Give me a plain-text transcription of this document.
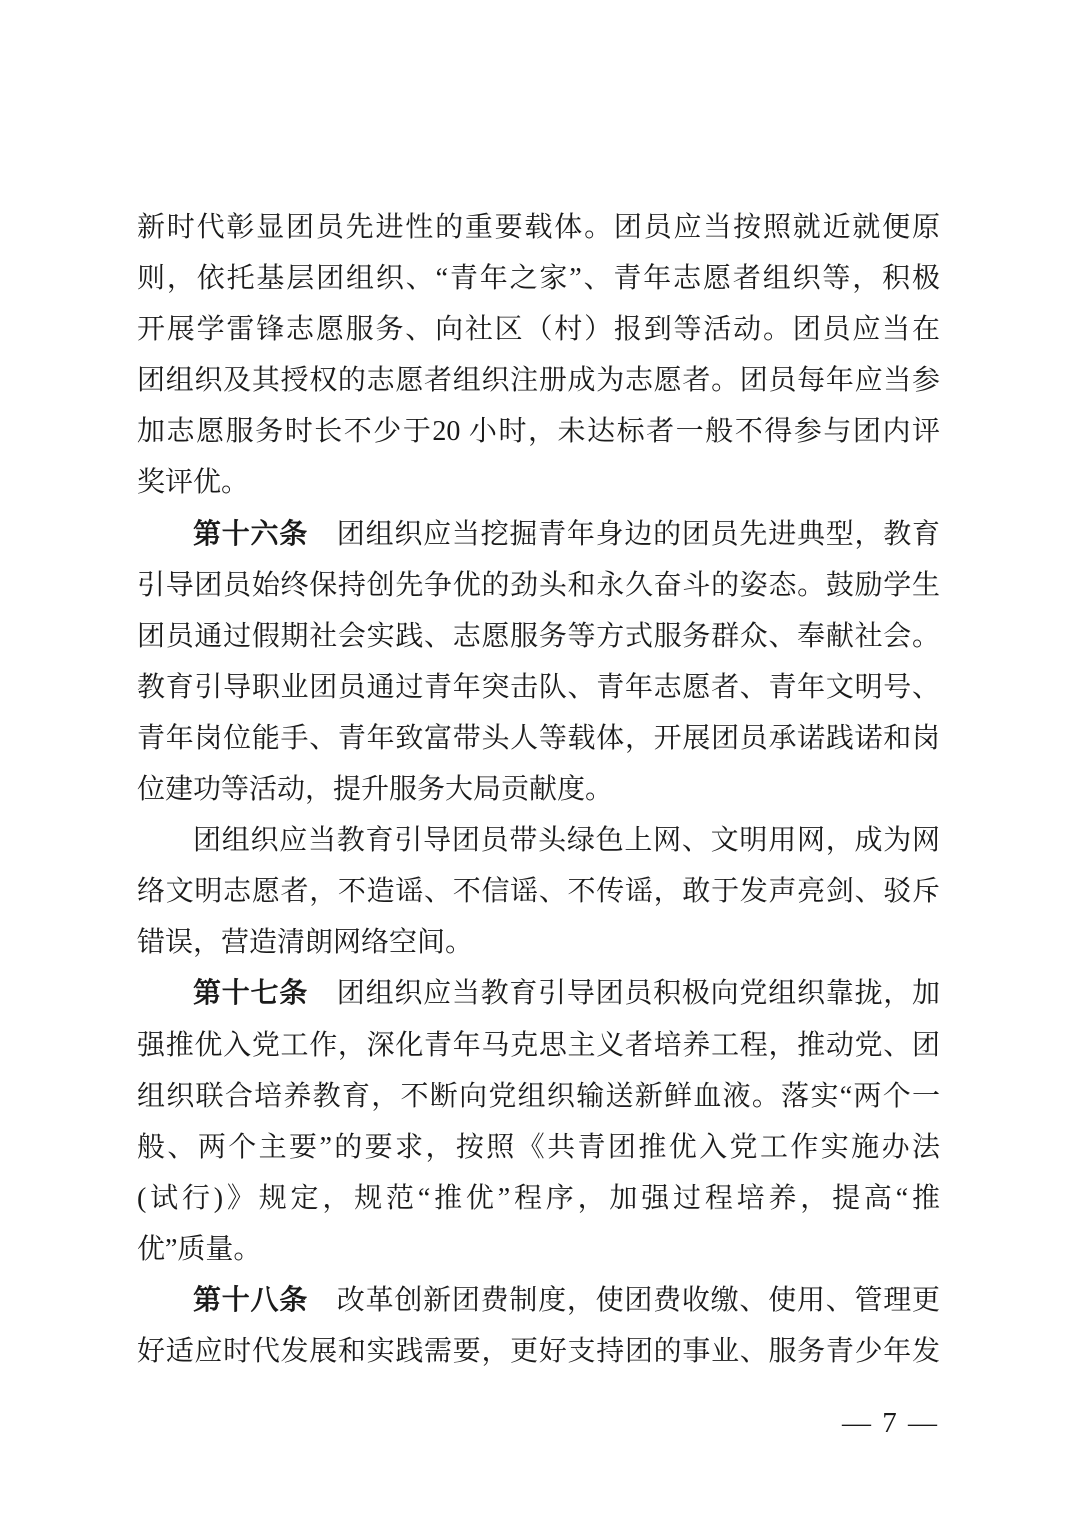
新时代彰显团员先进性的重要载体。团员应当按照就近就便原
则，依托基层团组织、“青年之家”、青年志愿者组织等，积极
开展学雷锋志愿服务、向社区（村）报到等活动。团员应当在
团组织及其授权的志愿者组织注册成为志愿者。团员每年应当参
加志愿服务时长不少于20 小时，未达标者一般不得参与团内评
奖评优。
第十六条　团组织应当挖掘青年身边的团员先进典型，教育
引导团员始终保持创先争优的劲头和永久奋斗的姿态。鼓励学生
团员通过假期社会实践、志愿服务等方式服务群众、奉献社会。
教育引导职业团员通过青年突击队、青年志愿者、青年文明号、
青年岗位能手、青年致富带头人等载体，开展团员承诺践诺和岗
位建功等活动，提升服务大局贡献度。
团组织应当教育引导团员带头绿色上网、文明用网，成为网
络文明志愿者，不造谣、不信谣、不传谣，敢于发声亮剑、驳斥
错误，营造清朗网络空间。
第十七条　团组织应当教育引导团员积极向党组织靠拢，加
强推优入党工作，深化青年马克思主义者培养工程，推动党、团
组织联合培养教育，不断向党组织输送新鲜血液。落实“两个一
般、两个主要”的要求，按照《共青团推优入党工作实施办法
(试行)》规定，规范“推优”程序，加强过程培养，提高“推
优”质量。
第十八条　改革创新团费制度，使团费收缴、使用、管理更
好适应时代发展和实践需要，更好支持团的事业、服务青少年发
— 7 —
